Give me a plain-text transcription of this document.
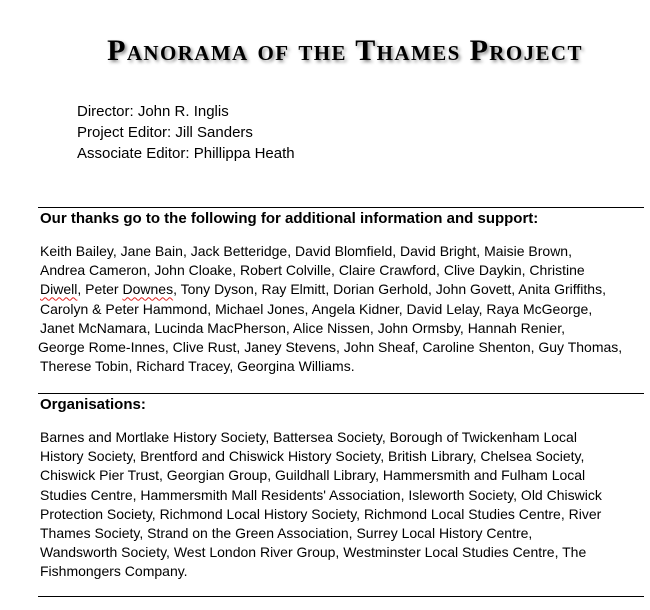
Panorama of the Thames Project
Director: John R. Inglis
Project Editor: Jill Sanders
Associate Editor: Phillippa Heath
Our thanks go to the following for additional information and support:
Keith Bailey, Jane Bain, Jack Betteridge, David Blomfield, David Bright, Maisie Brown,
Andrea Cameron, John Cloake, Robert Colville, Claire Crawford, Clive Daykin, Christine
Diwell, Peter Downes, Tony Dyson, Ray Elmitt, Dorian Gerhold, John Govett, Anita Griffiths,
Carolyn & Peter Hammond, Michael Jones, Angela Kidner, David Lelay, Raya McGeorge,
Janet McNamara, Lucinda MacPherson, Alice Nissen, John Ormsby, Hannah Renier,
George Rome-Innes, Clive Rust, Janey Stevens, John Sheaf, Caroline Shenton, Guy Thomas,
Therese Tobin, Richard Tracey, Georgina Williams.
Organisations:
Barnes and Mortlake History Society, Battersea Society, Borough of Twickenham Local
History Society, Brentford and Chiswick History Society, British Library, Chelsea Society,
Chiswick Pier Trust, Georgian Group, Guildhall Library, Hammersmith and Fulham Local
Studies Centre, Hammersmith Mall Residents' Association, Isleworth Society, Old Chiswick
Protection Society, Richmond Local History Society, Richmond Local Studies Centre, River
Thames Society, Strand on the Green Association, Surrey Local History Centre,
Wandsworth Society, West London River Group, Westminster Local Studies Centre, The
Fishmongers Company.
